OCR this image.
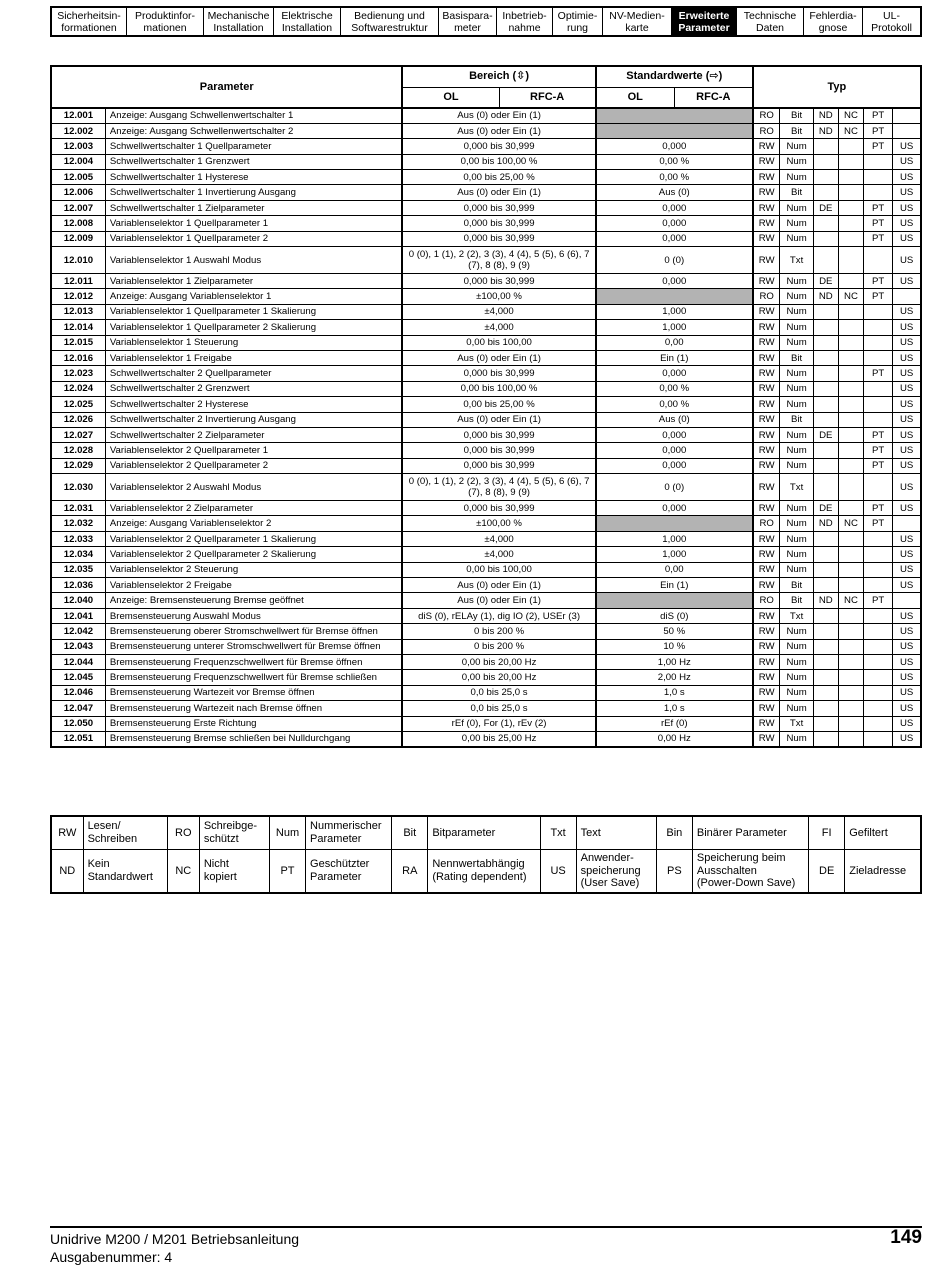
Sicherheitsin-
formationen
Produktinfor-
mationen
Mechanische
Installation
Elektrische
Installation
Bedienung und
Softwarestruktur
Basispara-
meter
Inbetrieb-
nahme
Optimie-
rung
NV-Medien-
karte
Erweiterte
Parameter
Technische
Daten
Fehlerdia-
gnose
UL-
Protokoll
Parameter		Bereich (⇳)		Standardwerte (⇨)		Typ					
		OL	RFC-A	OL	RFC-A						
12.001	Anzeige: Ausgang Schwellenwertschalter 1	Aus (0) oder Ein (1)				RO	Bit	ND	NC	PT	
12.002	Anzeige: Ausgang Schwellenwertschalter 2	Aus (0) oder Ein (1)				RO	Bit	ND	NC	PT	
12.003	Schwellwertschalter 1 Quellparameter	0,000 bis 30,999		0,000		RW	Num			PT	US
12.004	Schwellwertschalter 1 Grenzwert	0,00 bis 100,00 %		0,00 %		RW	Num				US
12.005	Schwellwertschalter 1 Hysterese	0,00 bis 25,00 %		0,00 %		RW	Num				US
12.006	Schwellwertschalter 1 Invertierung Ausgang	Aus (0) oder Ein (1)		Aus (0)		RW	Bit				US
12.007	Schwellwertschalter 1 Zielparameter	0,000 bis 30,999		0,000		RW	Num	DE		PT	US
12.008	Variablenselektor 1 Quellparameter 1	0,000 bis 30,999		0,000		RW	Num			PT	US
12.009	Variablenselektor 1 Quellparameter 2	0,000 bis 30,999		0,000		RW	Num			PT	US
12.010	Variablenselektor 1 Auswahl Modus	0 (0), 1 (1), 2 (2), 3 (3), 4 (4), 5 (5), 6 (6), 7 (7), 8 (8), 9 (9)		0 (0)		RW	Txt				US
12.011	Variablenselektor 1 Zielparameter	0,000 bis 30,999		0,000		RW	Num	DE		PT	US
12.012	Anzeige: Ausgang Variablenselektor 1	±100,00 %				RO	Num	ND	NC	PT	
12.013	Variablenselektor 1 Quellparameter 1 Skalierung	±4,000		1,000		RW	Num				US
12.014	Variablenselektor 1 Quellparameter 2 Skalierung	±4,000		1,000		RW	Num				US
12.015	Variablenselektor 1 Steuerung	0,00 bis 100,00		0,00		RW	Num				US
12.016	Variablenselektor 1 Freigabe	Aus (0) oder Ein (1)		Ein (1)		RW	Bit				US
12.023	Schwellwertschalter 2 Quellparameter	0,000 bis 30,999		0,000		RW	Num			PT	US
12.024	Schwellwertschalter 2 Grenzwert	0,00 bis 100,00 %		0,00 %		RW	Num				US
12.025	Schwellwertschalter 2 Hysterese	0,00 bis 25,00 %		0,00 %		RW	Num				US
12.026	Schwellwertschalter 2 Invertierung Ausgang	Aus (0) oder Ein (1)		Aus (0)		RW	Bit				US
12.027	Schwellwertschalter 2 Zielparameter	0,000 bis 30,999		0,000		RW	Num	DE		PT	US
12.028	Variablenselektor 2 Quellparameter 1	0,000 bis 30,999		0,000		RW	Num			PT	US
12.029	Variablenselektor 2 Quellparameter 2	0,000 bis 30,999		0,000		RW	Num			PT	US
12.030	Variablenselektor 2 Auswahl Modus	0 (0), 1 (1), 2 (2), 3 (3), 4 (4), 5 (5), 6 (6), 7 (7), 8 (8), 9 (9)		0 (0)		RW	Txt				US
12.031	Variablenselektor 2 Zielparameter	0,000 bis 30,999		0,000		RW	Num	DE		PT	US
12.032	Anzeige: Ausgang Variablenselektor 2	±100,00 %				RO	Num	ND	NC	PT	
12.033	Variablenselektor 2 Quellparameter 1 Skalierung	±4,000		1,000		RW	Num				US
12.034	Variablenselektor 2 Quellparameter 2 Skalierung	±4,000		1,000		RW	Num				US
12.035	Variablenselektor 2 Steuerung	0,00 bis 100,00		0,00		RW	Num				US
12.036	Variablenselektor 2 Freigabe	Aus (0) oder Ein (1)		Ein (1)		RW	Bit				US
12.040	Anzeige: Bremsensteuerung Bremse geöffnet	Aus (0) oder Ein (1)				RO	Bit	ND	NC	PT	
12.041	Bremsensteuerung Auswahl Modus	diS (0), rELAy (1), dig IO (2), USEr (3)		diS (0)		RW	Txt				US
12.042	Bremsensteuerung oberer Stromschwellwert für Bremse öffnen	0 bis 200 %		50 %		RW	Num				US
12.043	Bremsensteuerung unterer Stromschwellwert für Bremse öffnen	0 bis 200 %		10 %		RW	Num				US
12.044	Bremsensteuerung Frequenzschwellwert für Bremse öffnen	0,00 bis 20,00 Hz		1,00 Hz		RW	Num				US
12.045	Bremsensteuerung Frequenzschwellwert für Bremse schließen	0,00 bis 20,00 Hz		2,00 Hz		RW	Num				US
12.046	Bremsensteuerung Wartezeit vor Bremse öffnen	0,0 bis 25,0 s		1,0 s		RW	Num				US
12.047	Bremsensteuerung Wartezeit nach Bremse öffnen	0,0 bis 25,0 s		1,0 s		RW	Num				US
12.050	Bremsensteuerung Erste Richtung	rEf (0), For (1), rEv (2)		rEf (0)		RW	Txt				US
12.051	Bremsensteuerung Bremse schließen bei Nulldurchgang	0,00 bis 25,00 Hz		0,00 Hz		RW	Num				US
RW	Lesen/
Schreiben	RO	Schreibge-
schützt	Num	Nummerischer
Parameter	Bit	Bitparameter	Txt	Text	Bin	Binärer Parameter	FI	Gefiltert
ND	Kein
Standardwert	NC	Nicht
kopiert	PT	Geschützter
Parameter	RA	Nennwertabhängig
(Rating dependent)	US	Anwender-
speicherung
(User Save)	PS	Speicherung beim
Ausschalten
(Power-Down Save)	DE	Zieladresse
Unidrive M200 / M201 Betriebsanleitung
Ausgabenummer: 4
149
